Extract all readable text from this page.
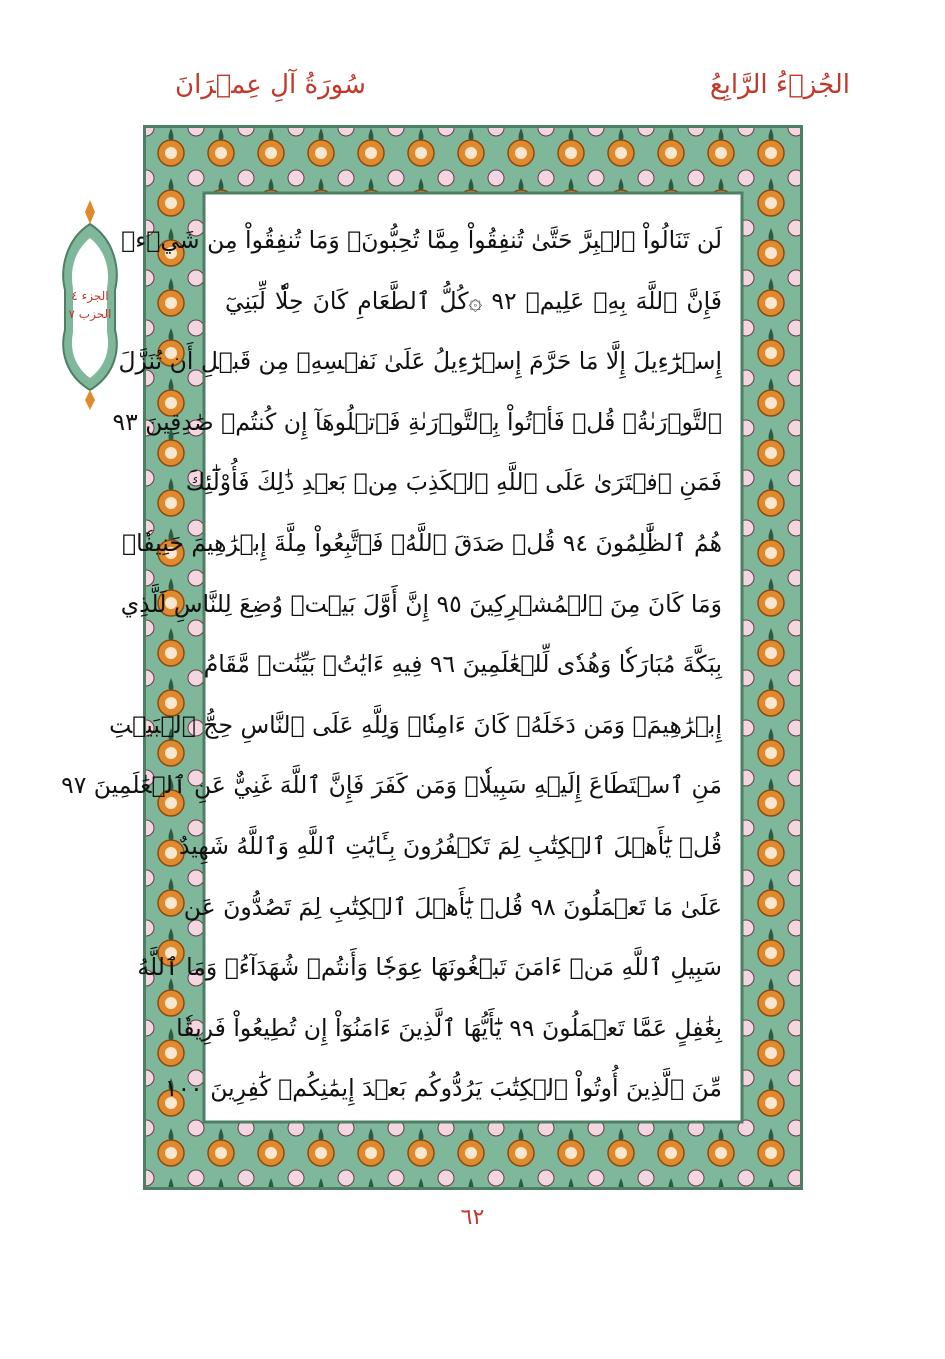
سُورَةُ آلِ عِمۡرَانَ	الجُزۡءُ الرَّابِعُ
الجزء ٤
الحزب ٧
لَن تَنَالُواْ ٱلۡبِرَّ حَتَّىٰ تُنفِقُواْ مِمَّا تُحِبُّونَۚ وَمَا تُنفِقُواْ مِن شَيۡءٖ
فَإِنَّ ٱللَّهَ بِهِۦ عَلِيمٞ ٩٢ ۞كُلُّ ٱلطَّعَامِ كَانَ حِلّٗا لِّبَنِيٓ
إِسۡرَٰٓءِيلَ إِلَّا مَا حَرَّمَ إِسۡرَٰٓءِيلُ عَلَىٰ نَفۡسِهِۦ مِن قَبۡلِ أَن تُنَزَّلَ
ٱلتَّوۡرَىٰةُۚ قُلۡ فَأۡتُواْ بِٱلتَّوۡرَىٰةِ فَٱتۡلُوهَآ إِن كُنتُمۡ صَٰدِقِينَ ٩٣
فَمَنِ ٱفۡتَرَىٰ عَلَى ٱللَّهِ ٱلۡكَذِبَ مِنۢ بَعۡدِ ذَٰلِكَ فَأُوْلَٰٓئِكَ
هُمُ ٱلظَّٰلِمُونَ ٩٤ قُلۡ صَدَقَ ٱللَّهُۗ فَٱتَّبِعُواْ مِلَّةَ إِبۡرَٰهِيمَ حَنِيفٗاۖ
وَمَا كَانَ مِنَ ٱلۡمُشۡرِكِينَ ٩٥ إِنَّ أَوَّلَ بَيۡتٖ وُضِعَ لِلنَّاسِ لَلَّذِي
بِبَكَّةَ مُبَارَكٗا وَهُدٗى لِّلۡعَٰلَمِينَ ٩٦ فِيهِ ءَايَٰتُۢ بَيِّنَٰتٞ مَّقَامُ
إِبۡرَٰهِيمَۖ وَمَن دَخَلَهُۥ كَانَ ءَامِنٗاۗ وَلِلَّهِ عَلَى ٱلنَّاسِ حِجُّ ٱلۡبَيۡتِ
مَنِ ٱسۡتَطَاعَ إِلَيۡهِ سَبِيلٗاۚ وَمَن كَفَرَ فَإِنَّ ٱللَّهَ غَنِيٌّ عَنِ ٱلۡعَٰلَمِينَ ٩٧
قُلۡ يَٰٓأَهۡلَ ٱلۡكِتَٰبِ لِمَ تَكۡفُرُونَ بِـَٔايَٰتِ ٱللَّهِ وَٱللَّهُ شَهِيدٌ
عَلَىٰ مَا تَعۡمَلُونَ ٩٨ قُلۡ يَٰٓأَهۡلَ ٱلۡكِتَٰبِ لِمَ تَصُدُّونَ عَن
سَبِيلِ ٱللَّهِ مَنۡ ءَامَنَ تَبۡغُونَهَا عِوَجٗا وَأَنتُمۡ شُهَدَآءُۗ وَمَا ٱللَّهُ
بِغَٰفِلٍ عَمَّا تَعۡمَلُونَ ٩٩ يَٰٓأَيُّهَا ٱلَّذِينَ ءَامَنُوٓاْ إِن تُطِيعُواْ فَرِيقٗا
مِّنَ ٱلَّذِينَ أُوتُواْ ٱلۡكِتَٰبَ يَرُدُّوكُم بَعۡدَ إِيمَٰنِكُمۡ كَٰفِرِينَ ١٠٠
٦٢
